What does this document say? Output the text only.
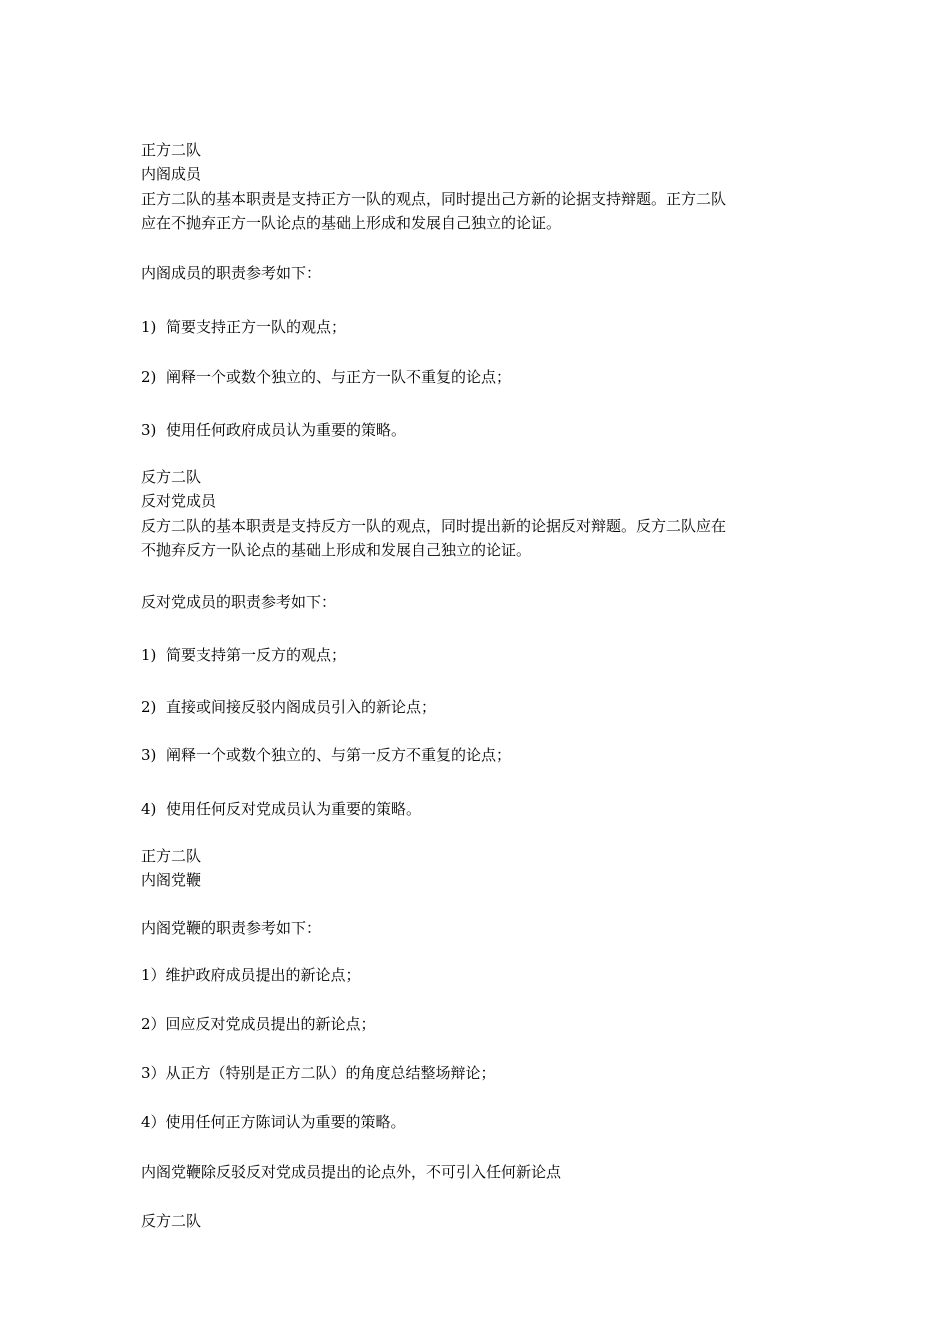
正方二队
内阁成员
正方二队的基本职责是支持正方一队的观点，同时提出己方新的论据支持辩题。正方二队
应在不抛弃正方一队论点的基础上形成和发展自己独立的论证。
内阁成员的职责参考如下：
1) 简要支持正方一队的观点；
2) 阐释一个或数个独立的、与正方一队不重复的论点；
3) 使用任何政府成员认为重要的策略。
反方二队
反对党成员
反方二队的基本职责是支持反方一队的观点，同时提出新的论据反对辩题。反方二队应在
不抛弃反方一队论点的基础上形成和发展自己独立的论证。
反对党成员的职责参考如下：
1) 简要支持第一反方的观点；
2) 直接或间接反驳内阁成员引入的新论点；
3) 阐释一个或数个独立的、与第一反方不重复的论点；
4) 使用任何反对党成员认为重要的策略。
正方二队
内阁党鞭
内阁党鞭的职责参考如下：
1）维护政府成员提出的新论点；
2）回应反对党成员提出的新论点；
3）从正方（特别是正方二队）的角度总结整场辩论；
4）使用任何正方陈词认为重要的策略。
内阁党鞭除反驳反对党成员提出的论点外，不可引入任何新论点
反方二队
